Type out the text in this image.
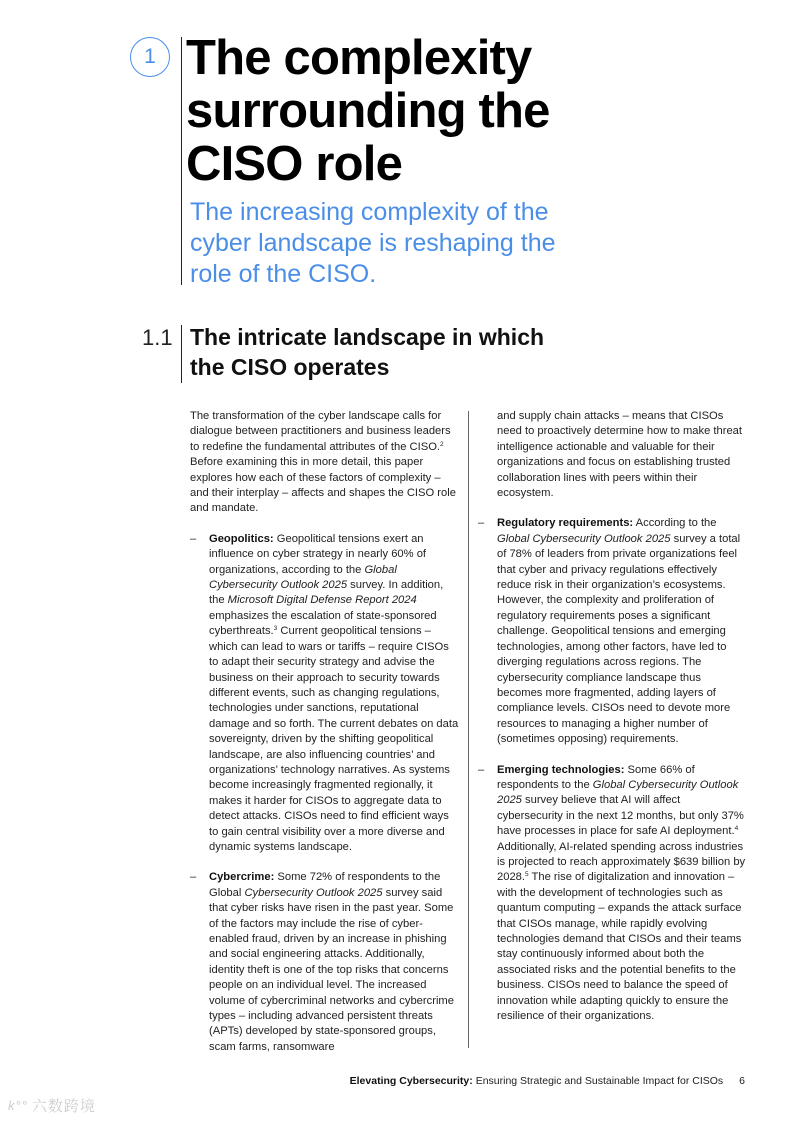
1 The complexity
surrounding the
CISO role
The increasing complexity of the
cyber landscape is reshaping the
role of the CISO.
1.1 The intricate landscape in which
the CISO operates

The transformation of the cyber landscape calls for dialogue between practitioners and business leaders to redefine the fundamental attributes of the CISO.$^2$ Before examining this in more detail, this paper explores how each of these factors of complexity – and their interplay – affects and shapes the CISO role and mandate.

– Geopolitics: Geopolitical tensions exert an influence on cyber strategy in nearly 60% of organizations, according to the Global Cybersecurity Outlook 2025 survey. In addition, the Microsoft Digital Defense Report 2024 emphasizes the escalation of state-sponsored cyberthreats.$^3$ Current geopolitical tensions – which can lead to wars or tariffs – require CISOs to adapt their security strategy and advise the business on their approach to security towards different events, such as changing regulations, technologies under sanctions, reputational damage and so forth. The current debates on data sovereignty, driven by the shifting geopolitical landscape, are also influencing countries’ and organizations’ technology narratives. As systems become increasingly fragmented regionally, it makes it harder for CISOs to aggregate data to detect attacks. CISOs need to find efficient ways to gain central visibility over a more diverse and dynamic systems landscape.
– Cybercrime: Some 72% of respondents to the Global Cybersecurity Outlook 2025 survey said that cyber risks have risen in the past year. Some of the factors may include the rise of cyber-enabled fraud, driven by an increase in phishing and social engineering attacks. Additionally, identity theft is one of the top risks that concerns people on an individual level. The increased volume of cybercriminal networks and cybercrime types – including advanced persistent threats (APTs) developed by state-sponsored groups, scam farms, ransomware

and supply chain attacks – means that CISOs need to proactively determine how to make threat intelligence actionable and valuable for their organizations and focus on establishing trusted collaboration lines with peers within their ecosystem.

– Regulatory requirements: According to the Global Cybersecurity Outlook 2025 survey a total of 78% of leaders from private organizations feel that cyber and privacy regulations effectively reduce risk in their organization’s ecosystems. However, the complexity and proliferation of regulatory requirements poses a significant challenge. Geopolitical tensions and emerging technologies, among other factors, have led to diverging regulations across regions. The cybersecurity compliance landscape thus becomes more fragmented, adding layers of compliance levels. CISOs need to devote more resources to managing a higher number of (sometimes opposing) requirements.
– Emerging technologies: Some 66% of respondents to the Global Cybersecurity Outlook 2025 survey believe that AI will affect cybersecurity in the next 12 months, but only 37% have processes in place for safe AI deployment.$^4$ Additionally, AI-related spending across industries is projected to reach approximately $639 billion by 2028.$^5$ The rise of digitalization and innovation – with the development of technologies such as quantum computing – expands the attack surface that CISOs manage, while rapidly evolving technologies demand that CISOs and their teams stay continuously informed about both the associated risks and the potential benefits to the business. CISOs need to balance the speed of innovation while adapting quickly to ensure the resilience of their organizations.
Elevating Cybersecurity: Ensuring Strategic and Sustainable Impact for CISOs 6
k°° 六数跨境
